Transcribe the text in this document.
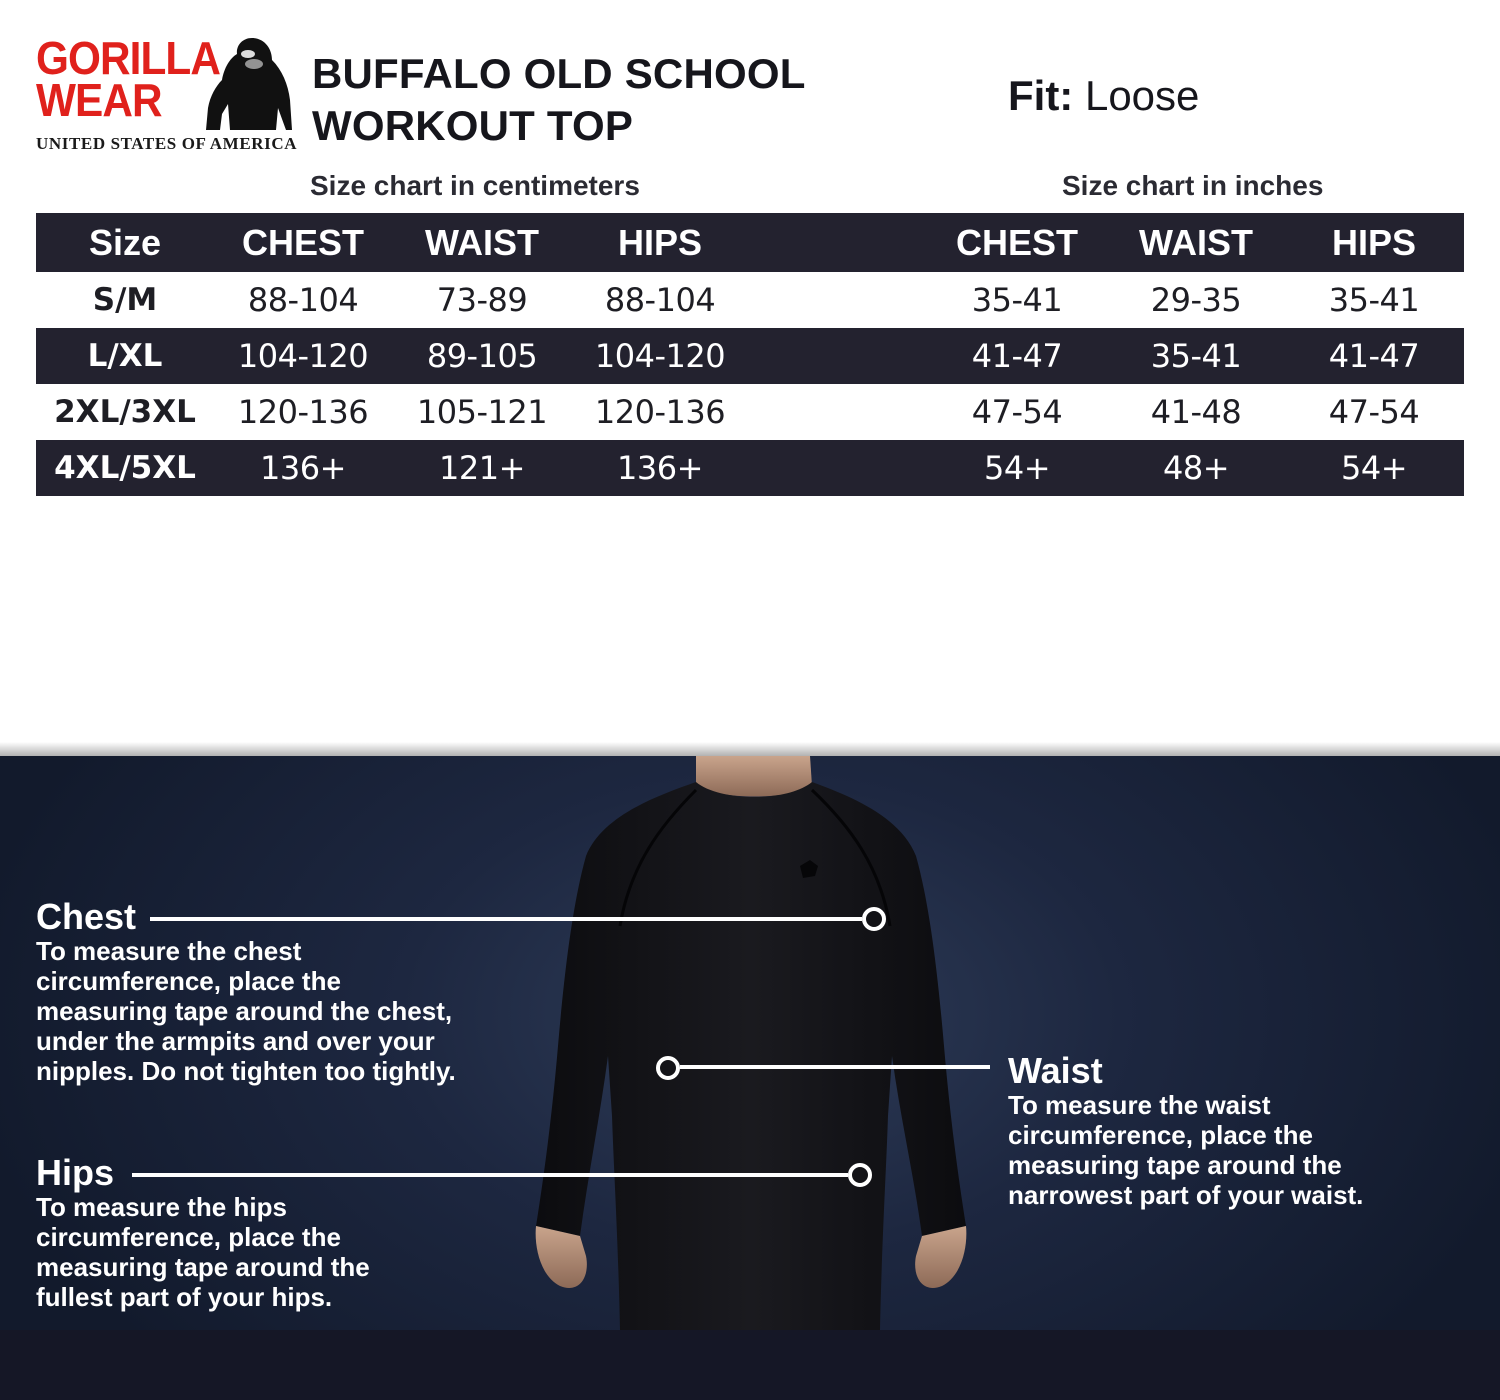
GORILLA
WEAR
UNITED STATES OF AMERICA
BUFFALO OLD SCHOOL
WORKOUT TOP
Fit: Loose
Size chart in centimeters	Size chart in inches
Size CHEST WAIST HIPS	CHEST WAIST HIPS
S/M	88-104 73-89 88-104	35-41	29-35	35-41
L/XL 104-120 89-105 104-120	41-47	35-41	41-47
2XL/3XL 120-136 105-121 120-136	47-54	41-48	47-54
4XL/5XL 136+	121+	136+	54+	48+	54+
Chest
To measure the chest
circumference, place the
measuring tape around the chest,
under the armpits and over your
nipples. Do not tighten too tightly.	Waist
To measure the waist
circumference, place the
measuring tape around the
narrowest part of your waist.
Hips
To measure the hips
circumference, place the
measuring tape around the
fullest part of your hips.
